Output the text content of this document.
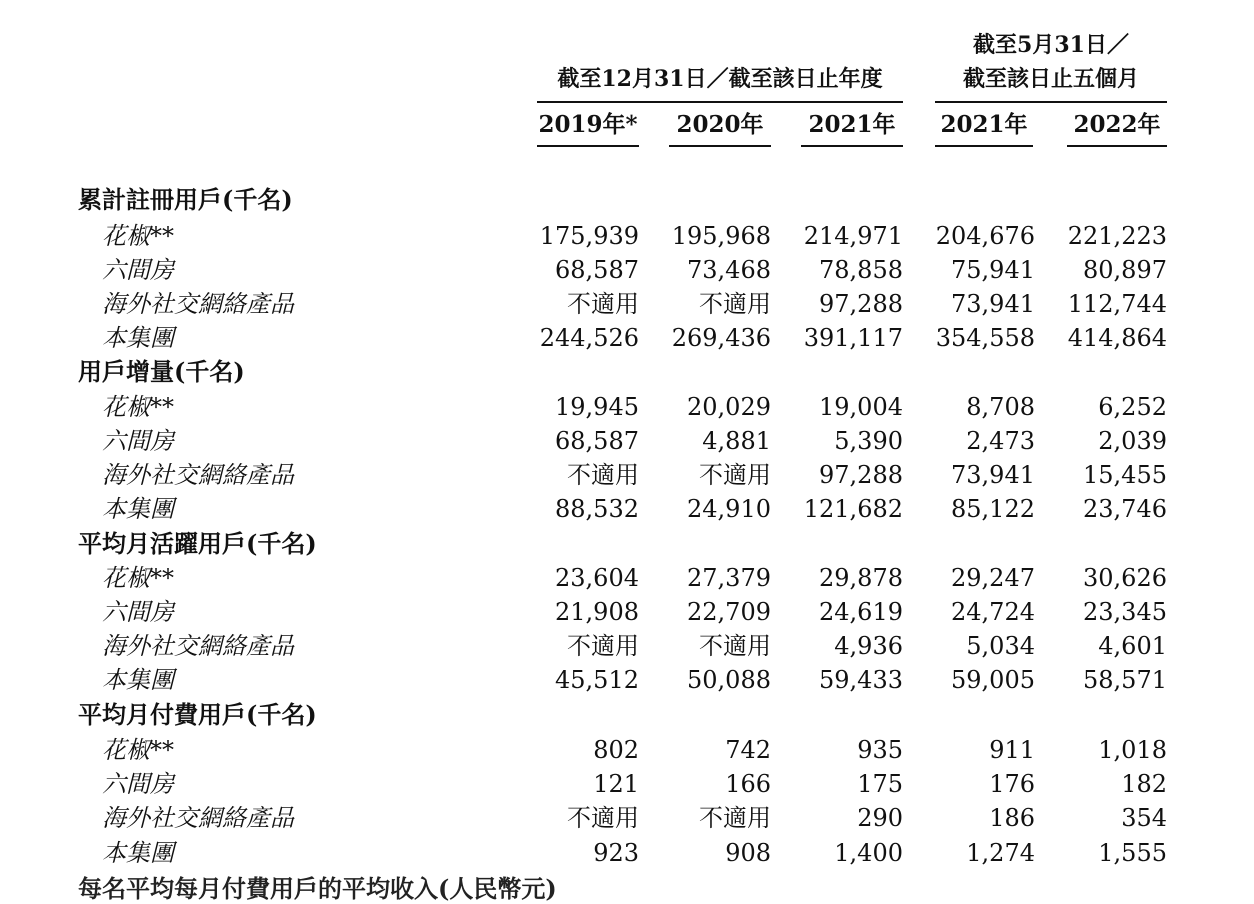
截至12月31日／截至該日止年度
截至5月31日／
截至該日止五個月
2019年*	2020年	2021年	2021年 2022年
累計註冊用戶(千名)
花椒**	175,939	195,968	214,971	204,676	221,223
六間房	68,587	73,468	78,858	75,941	80,897
海外社交網絡產品	不適用	不適用	97,288	73,941	112,744
本集團	244,526	269,436	391,117	354,558	414,864
用戶增量(千名)
花椒**	19,945	20,029	19,004	8,708	6,252
六間房	68,587	4,881	5,390	2,473	2,039
海外社交網絡產品	不適用	不適用	97,288	73,941	15,455
本集團	88,532	24,910	121,682	85,122	23,746
平均月活躍用戶(千名)
花椒**	23,604	27,379	29,878	29,247	30,626
六間房	21,908	22,709	24,619	24,724	23,345
海外社交網絡產品	不適用	不適用	4,936	5,034	4,601
本集團	45,512	50,088	59,433	59,005	58,571
平均月付費用戶(千名)
花椒**	802	742	935	911	1,018
六間房	121	166	175	176	182
海外社交網絡產品	不適用	不適用	290	186	354
本集團	923	908	1,400	1,274	1,555
每名平均每月付費用戶的平均收入(人民幣元)
